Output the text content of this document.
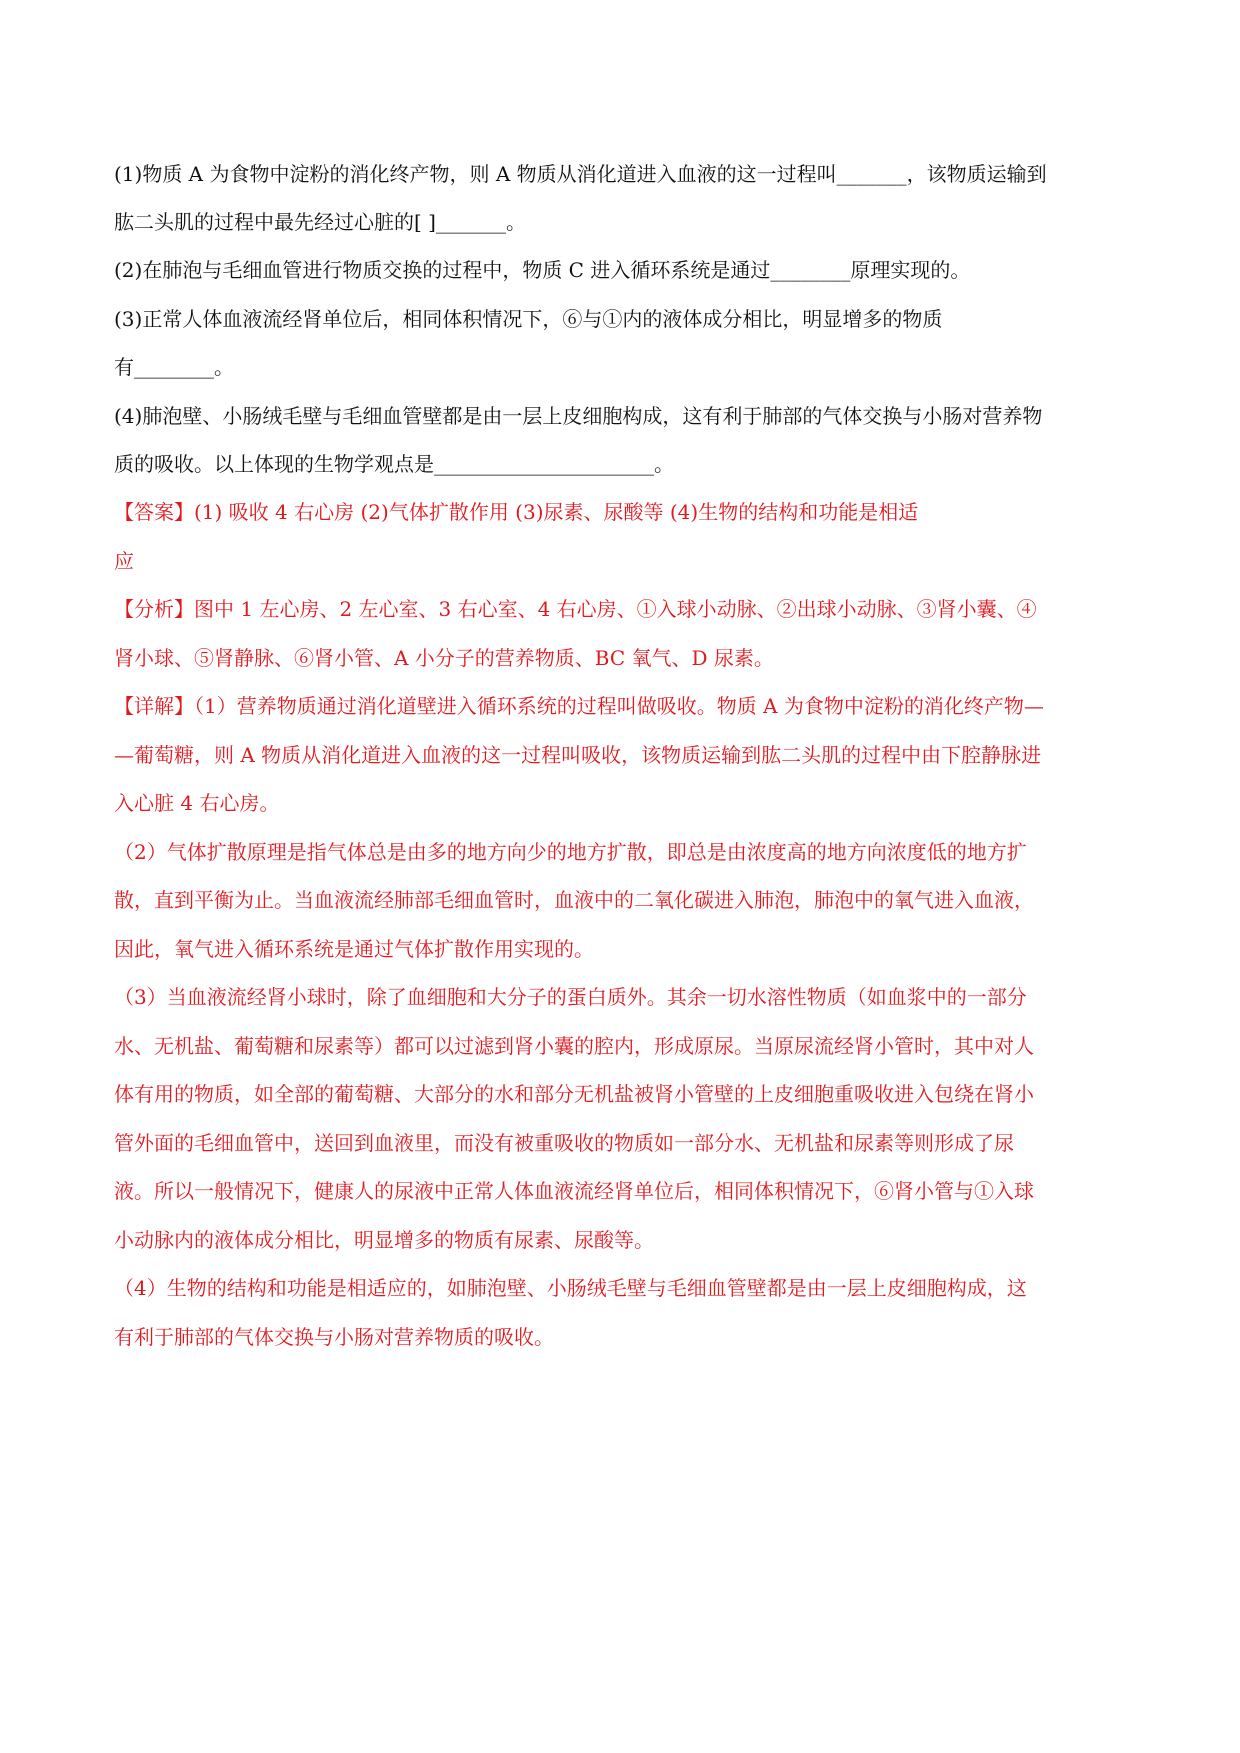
(1)物质 A 为食物中淀粉的消化终产物，则 A 物质从消化道进入血液的这一过程叫_______，该物质运输到
肱二头肌的过程中最先经过心脏的[ ]_______。
(2)在肺泡与毛细血管进行物质交换的过程中，物质 C 进入循环系统是通过________原理实现的。
(3)正常人体血液流经肾单位后，相同体积情况下，⑥与①内的液体成分相比，明显增多的物质
有________。
(4)肺泡壁、小肠绒毛壁与毛细血管壁都是由一层上皮细胞构成，这有利于肺部的气体交换与小肠对营养物
质的吸收。以上体现的生物学观点是______________________。
【答案】(1) 吸收 4 右心房 (2)气体扩散作用 (3)尿素、尿酸等 (4)生物的结构和功能是相适
应
【分析】图中 1 左心房、2 左心室、3 右心室、4 右心房、①入球小动脉、②出球小动脉、③肾小囊、④
肾小球、⑤肾静脉、⑥肾小管、A 小分子的营养物质、BC 氧气、D 尿素。
【详解】（1）营养物质通过消化道壁进入循环系统的过程叫做吸收。物质 A 为食物中淀粉的消化终产物—
—葡萄糖，则 A 物质从消化道进入血液的这一过程叫吸收，该物质运输到肱二头肌的过程中由下腔静脉进
入心脏 4 右心房。
（2）气体扩散原理是指气体总是由多的地方向少的地方扩散，即总是由浓度高的地方向浓度低的地方扩
散，直到平衡为止。当血液流经肺部毛细血管时，血液中的二氧化碳进入肺泡，肺泡中的氧气进入血液，
因此，氧气进入循环系统是通过气体扩散作用实现的。
（3）当血液流经肾小球时，除了血细胞和大分子的蛋白质外。其余一切水溶性物质（如血浆中的一部分
水、无机盐、葡萄糖和尿素等）都可以过滤到肾小囊的腔内，形成原尿。当原尿流经肾小管时，其中对人
体有用的物质，如全部的葡萄糖、大部分的水和部分无机盐被肾小管壁的上皮细胞重吸收进入包绕在肾小
管外面的毛细血管中，送回到血液里，而没有被重吸收的物质如一部分水、无机盐和尿素等则形成了尿
液。所以一般情况下，健康人的尿液中正常人体血液流经肾单位后，相同体积情况下，⑥肾小管与①入球
小动脉内的液体成分相比，明显增多的物质有尿素、尿酸等。
（4）生物的结构和功能是相适应的，如肺泡壁、小肠绒毛壁与毛细血管壁都是由一层上皮细胞构成，这
有利于肺部的气体交换与小肠对营养物质的吸收。
